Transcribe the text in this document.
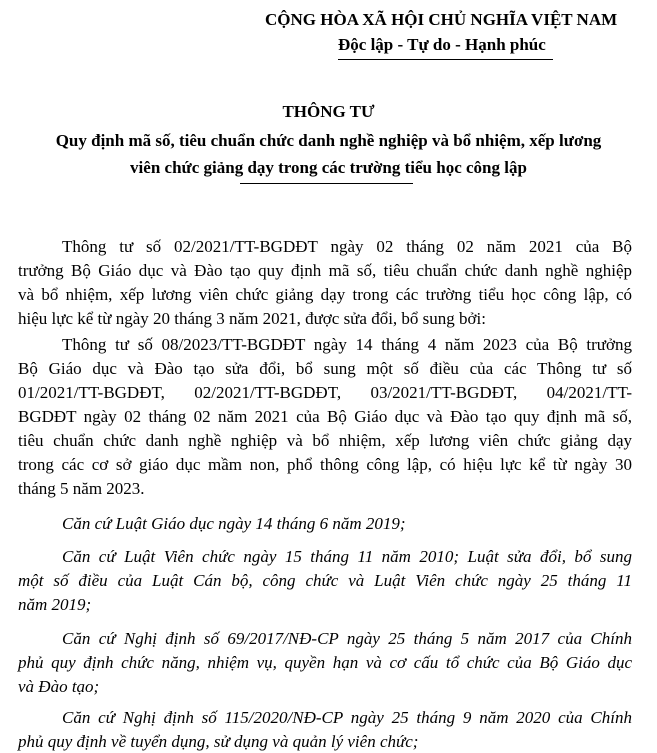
CỘNG HÒA XÃ HỘI CHỦ NGHĨA VIỆT NAM
Độc lập - Tự do - Hạnh phúc
THÔNG TƯ
Quy định mã số, tiêu chuẩn chức danh nghề nghiệp và bổ nhiệm, xếp lương
viên chức giảng dạy trong các trường tiểu học công lập
Thông tư số 02/2021/TT-BGDĐT ngày 02 tháng 02 năm 2021 của Bộ
trưởng Bộ Giáo dục và Đào tạo quy định mã số, tiêu chuẩn chức danh nghề nghiệp
và bổ nhiệm, xếp lương viên chức giảng dạy trong các trường tiểu học công lập, có
hiệu lực kể từ ngày 20 tháng 3 năm 2021, được sửa đổi, bổ sung bởi:
Thông tư số 08/2023/TT-BGDĐT ngày 14 tháng 4 năm 2023 của Bộ trưởng
Bộ Giáo dục và Đào tạo sửa đổi, bổ sung một số điều của các Thông tư số
01/2021/TT-BGDĐT, 02/2021/TT-BGDĐT, 03/2021/TT-BGDĐT, 04/2021/TT-
BGDĐT ngày 02 tháng 02 năm 2021 của Bộ Giáo dục và Đào tạo quy định mã số,
tiêu chuẩn chức danh nghề nghiệp và bổ nhiệm, xếp lương viên chức giảng dạy
trong các cơ sở giáo dục mầm non, phổ thông công lập, có hiệu lực kể từ ngày 30
tháng 5 năm 2023.
Căn cứ Luật Giáo dục ngày 14 tháng 6 năm 2019;
Căn cứ Luật Viên chức ngày 15 tháng 11 năm 2010; Luật sửa đổi, bổ sung
một số điều của Luật Cán bộ, công chức và Luật Viên chức ngày 25 tháng 11
năm 2019;
Căn cứ Nghị định số 69/2017/NĐ-CP ngày 25 tháng 5 năm 2017 của Chính
phủ quy định chức năng, nhiệm vụ, quyền hạn và cơ cấu tổ chức của Bộ Giáo dục
và Đào tạo;
Căn cứ Nghị định số 115/2020/NĐ-CP ngày 25 tháng 9 năm 2020 của Chính
phủ quy định về tuyển dụng, sử dụng và quản lý viên chức;
